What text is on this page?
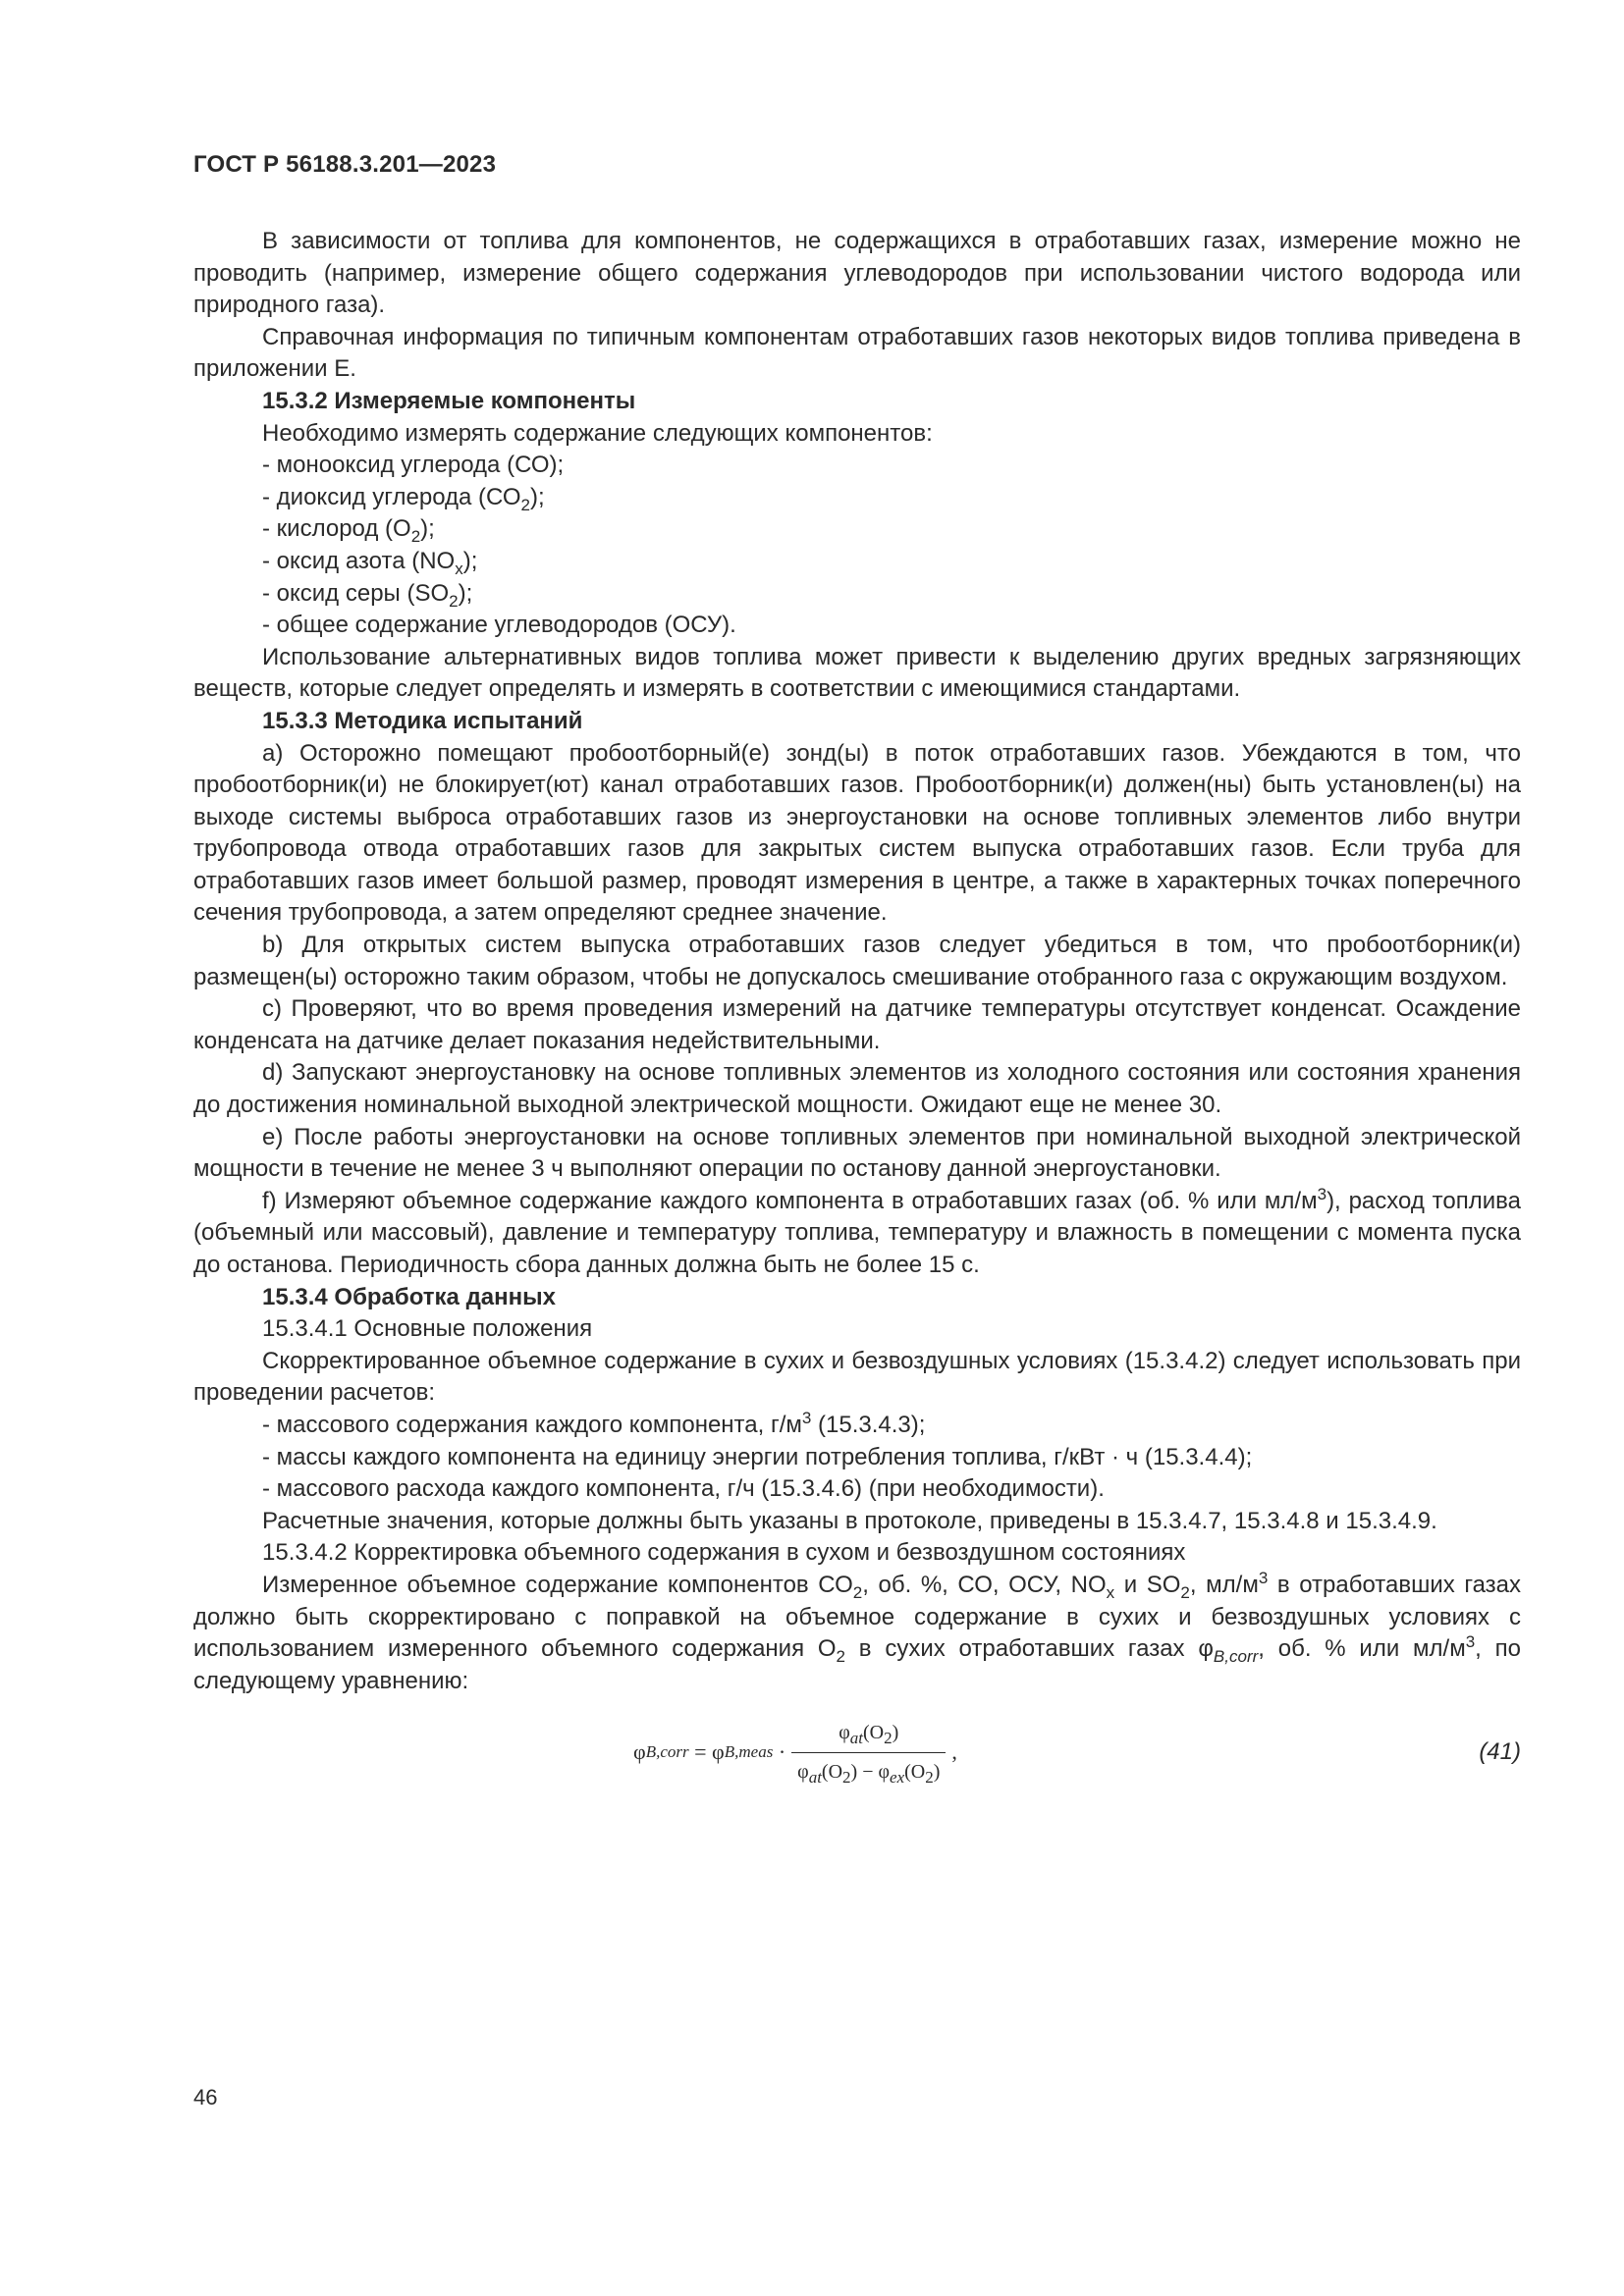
ГОСТ Р 56188.3.201—2023

В зависимости от топлива для компонентов, не содержащихся в отработавших газах, измерение можно не проводить (например, измерение общего содержания углеводородов при использовании чистого водорода или природного газа).

Справочная информация по типичным компонентам отработавших газов некоторых видов топлива приведена в приложении Е.

15.3.2 Измеряемые компоненты

Необходимо измерять содержание следующих компонентов:

- монооксид углерода (СО);

- диоксид углерода $(СО_2)$;

- кислород $(О_2)$;

- оксид азота $(NO_x)$;

- оксид серы $(SO_2)$;

- общее содержание углеводородов (ОСУ).

Использование альтернативных видов топлива может привести к выделению других вредных загрязняющих веществ, которые следует определять и измерять в соответствии с имеющимися стандартами.

15.3.3 Методика испытаний

а) Осторожно помещают пробоотборный(е) зонд(ы) в поток отработавших газов. Убеждаются в том, что пробоотборник(и) не блокирует(ют) канал отработавших газов. Пробоотборник(и) должен(ны) быть установлен(ы) на выходе системы выброса отработавших газов из энергоустановки на основе топливных элементов либо внутри трубопровода отвода отработавших газов для закрытых систем выпуска отработавших газов. Если труба для отработавших газов имеет большой размер, проводят измерения в центре, а также в характерных точках поперечного сечения трубопровода, а затем определяют среднее значение.

b) Для открытых систем выпуска отработавших газов следует убедиться в том, что пробоотборник(и) размещен(ы) осторожно таким образом, чтобы не допускалось смешивание отобранного газа с окружающим воздухом.

с) Проверяют, что во время проведения измерений на датчике температуры отсутствует конденсат. Осаждение конденсата на датчике делает показания недействительными.

d) Запускают энергоустановку на основе топливных элементов из холодного состояния или состояния хранения до достижения номинальной выходной электрической мощности. Ожидают еще не менее 30.

е) После работы энергоустановки на основе топливных элементов при номинальной выходной электрической мощности в течение не менее 3 ч выполняют операции по останову данной энергоустановки.

f) Измеряют объемное содержание каждого компонента в отработавших газах (об. % или $мл/м^3$), расход топлива (объемный или массовый), давление и температуру топлива, температуру и влажность в помещении с момента пуска до останова. Периодичность сбора данных должна быть не более 15 с.

15.3.4 Обработка данных

15.3.4.1 Основные положения

Скорректированное объемное содержание в сухих и безвоздушных условиях (15.3.4.2) следует использовать при проведении расчетов:

- массового содержания каждого компонента, $г/м^3$ (15.3.4.3);

- массы каждого компонента на единицу энергии потребления топлива, г/кВт · ч (15.3.4.4);

- массового расхода каждого компонента, г/ч (15.3.4.6) (при необходимости).

Расчетные значения, которые должны быть указаны в протоколе, приведены в 15.3.4.7, 15.3.4.8 и 15.3.4.9.

15.3.4.2 Корректировка объемного содержания в сухом и безвоздушном состояниях

Измеренное объемное содержание компонентов $СО_2$, об. %, СО, ОСУ, $NO_x$ и $SO_2$, $мл/м^3$ в отработавших газах должно быть скорректировано с поправкой на объемное содержание в сухих и безвоздушных условиях с использованием измеренного объемного содержания $О_2$ в сухих отработавших газах $\varphi_{B,corr}$, об. % или $мл/м^3$, по следующему уравнению:

φ B,corr = φ B,meas · $\frac{\varphi_{at}(O_2)}{\varphi_{at}(O_2) - \varphi_{ex}(O_2)}$ ,	(41)
46
